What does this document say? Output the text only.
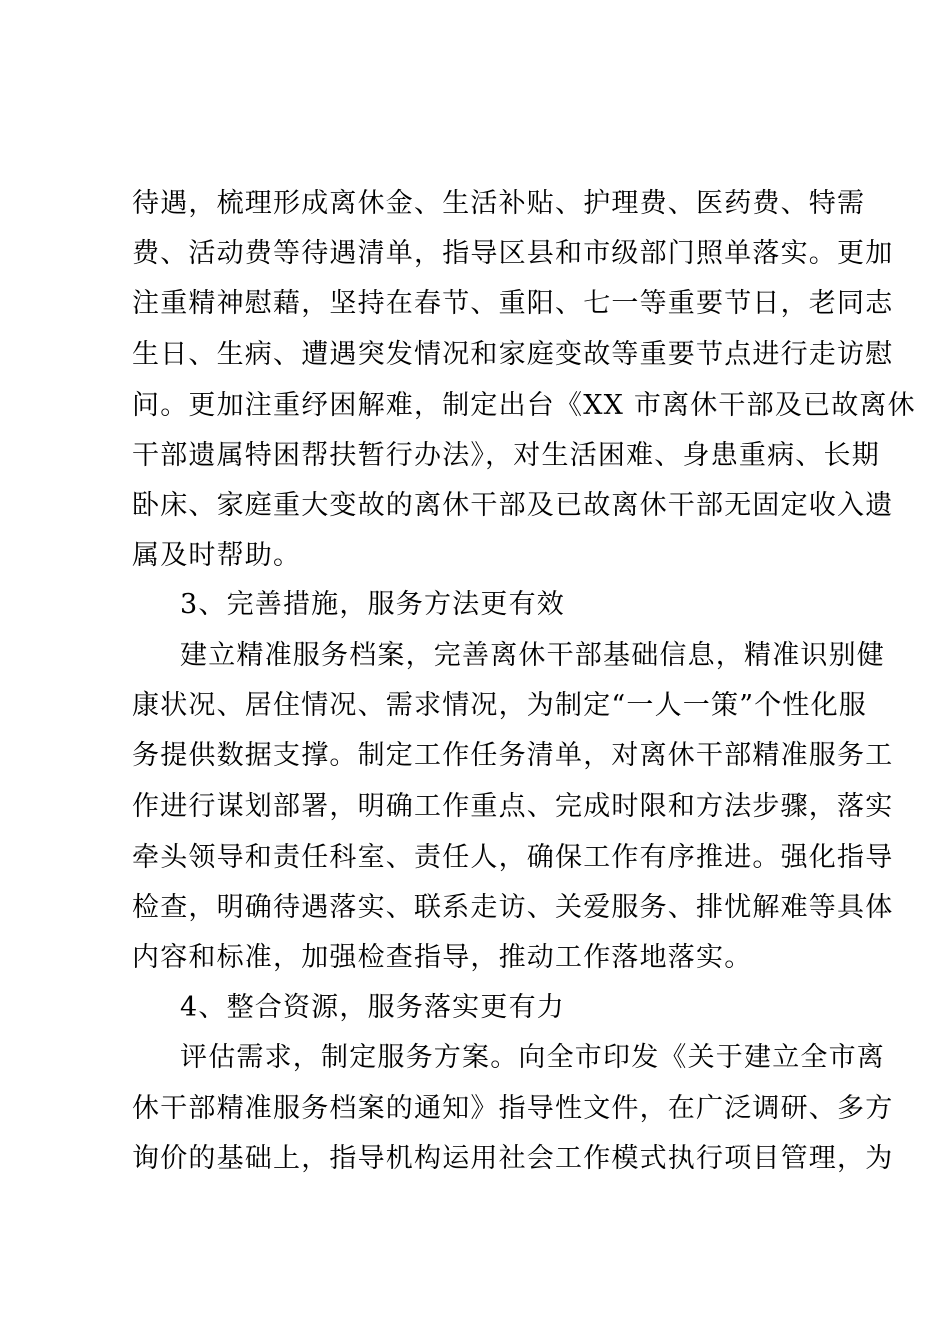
待遇，梳理形成离休金、生活补贴、护理费、医药费、特需
费、活动费等待遇清单，指导区县和市级部门照单落实。更加
注重精神慰藉，坚持在春节、重阳、七一等重要节日，老同志
生日、生病、遭遇突发情况和家庭变故等重要节点进行走访慰
问。更加注重纾困解难，制定出台《XX 市离休干部及已故离休
干部遗属特困帮扶暂行办法》，对生活困难、身患重病、长期
卧床、家庭重大变故的离休干部及已故离休干部无固定收入遗
属及时帮助。
3、完善措施，服务方法更有效
建立精准服务档案，完善离休干部基础信息，精准识别健
康状况、居住情况、需求情况，为制定“一人一策”个性化服
务提供数据支撑。制定工作任务清单，对离休干部精准服务工
作进行谋划部署，明确工作重点、完成时限和方法步骤，落实
牵头领导和责任科室、责任人，确保工作有序推进。强化指导
检查，明确待遇落实、联系走访、关爱服务、排忧解难等具体
内容和标准，加强检查指导，推动工作落地落实。
4、整合资源，服务落实更有力
评估需求，制定服务方案。向全市印发《关于建立全市离
休干部精准服务档案的通知》指导性文件，在广泛调研、多方
询价的基础上，指导机构运用社会工作模式执行项目管理，为
